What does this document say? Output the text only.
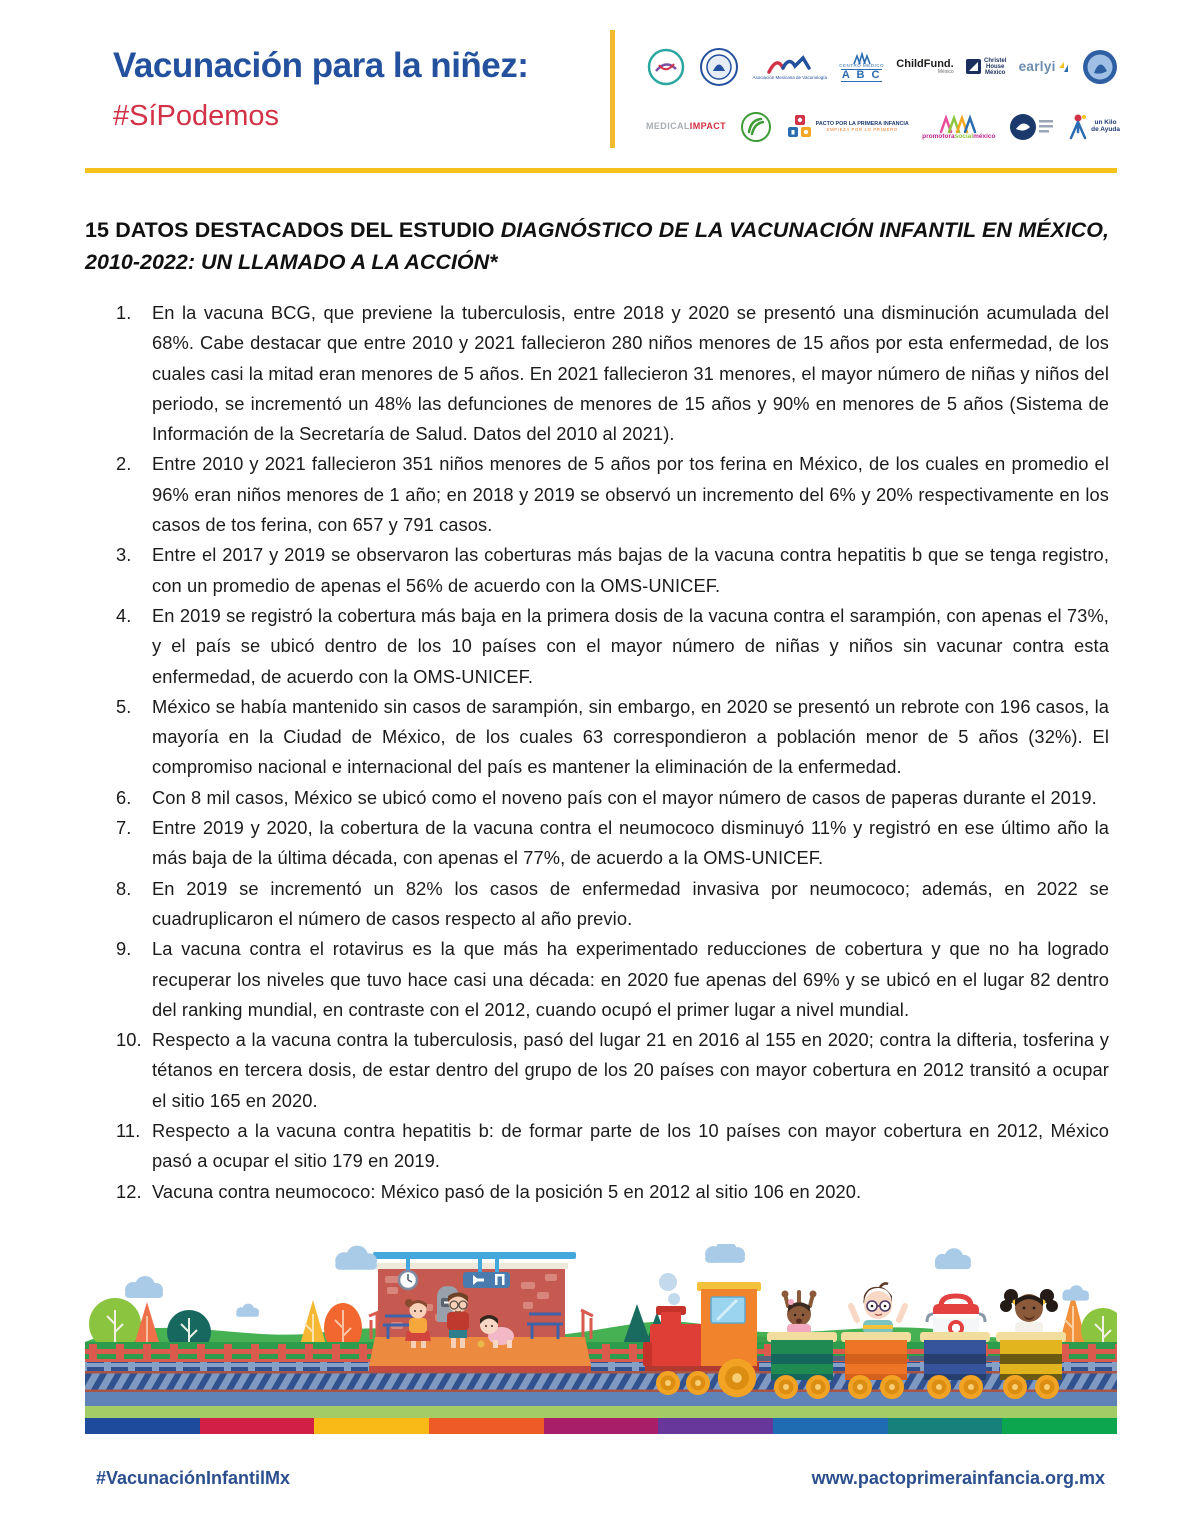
Vacunación para la niñez:
#SíPodemos
Asociación Mexicana de Vacunología
CENTRO MEDICO
A B C
ChildFund.
México
Christel
House
México earlyi
MEDICAL IMPACT	PACTO POR LA PRIMERA INFANCIA
EMPIEZA POR LO PRIMERO
promotora social méxico
un Kilo
de Ayuda
15 DATOS DESTACADOS DEL ESTUDIO DIAGNÓSTICO DE LA VACUNACIÓN INFANTIL EN MÉXICO, 2010-2022: UN LLAMADO A LA ACCIÓN*
En la vacuna BCG, que previene la tuberculosis, entre 2018 y 2020 se presentó una disminución acumulada del 68%. Cabe destacar que entre 2010 y 2021 fallecieron 280 niños menores de 15 años por esta enfermedad, de los cuales casi la mitad eran menores de 5 años. En 2021 fallecieron 31 menores, el mayor número de niñas y niños del periodo, se incrementó un 48% las defunciones de menores de 15 años y 90% en menores de 5 años (Sistema de Información de la Secretaría de Salud. Datos del 2010 al 2021).
Entre 2010 y 2021 fallecieron 351 niños menores de 5 años por tos ferina en México, de los cuales en promedio el 96% eran niños menores de 1 año; en 2018 y 2019 se observó un incremento del 6% y 20% respectivamente en los casos de tos ferina, con 657 y 791 casos.
Entre el 2017 y 2019 se observaron las coberturas más bajas de la vacuna contra hepatitis b que se tenga registro, con un promedio de apenas el 56% de acuerdo con la OMS-UNICEF.
En 2019 se registró la cobertura más baja en la primera dosis de la vacuna contra el sarampión, con apenas el 73%, y el país se ubicó dentro de los 10 países con el mayor número de niñas y niños sin vacunar contra esta enfermedad, de acuerdo con la OMS-UNICEF.
México se había mantenido sin casos de sarampión, sin embargo, en 2020 se presentó un rebrote con 196 casos, la mayoría en la Ciudad de México, de los cuales 63 correspondieron a población menor de 5 años (32%). El compromiso nacional e internacional del país es mantener la eliminación de la enfermedad.
Con 8 mil casos, México se ubicó como el noveno país con el mayor número de casos de paperas durante el 2019.
Entre 2019 y 2020, la cobertura de la vacuna contra el neumococo disminuyó 11% y registró en ese último año la más baja de la última década, con apenas el 77%, de acuerdo a la OMS-UNICEF.
En 2019 se incrementó un 82% los casos de enfermedad invasiva por neumococo; además, en 2022 se cuadruplicaron el número de casos respecto al año previo.
La vacuna contra el rotavirus es la que más ha experimentado reducciones de cobertura y que no ha logrado recuperar los niveles que tuvo hace casi una década: en 2020 fue apenas del 69% y se ubicó en el lugar 82 dentro del ranking mundial, en contraste con el 2012, cuando ocupó el primer lugar a nivel mundial.
Respecto a la vacuna contra la tuberculosis, pasó del lugar 21 en 2016 al 155 en 2020; contra la difteria, tosferina y tétanos en tercera dosis, de estar dentro del grupo de los 20 países con mayor cobertura en 2012 transitó a ocupar el sitio 165 en 2020.
Respecto a la vacuna contra hepatitis b: de formar parte de los 10 países con mayor cobertura en 2012, México pasó a ocupar el sitio 179 en 2019.
Vacuna contra neumococo: México pasó de la posición 5 en 2012 al sitio 106 en 2020.
#VacunaciónInfantilMx	www.pactoprimerainfancia.org.mx
